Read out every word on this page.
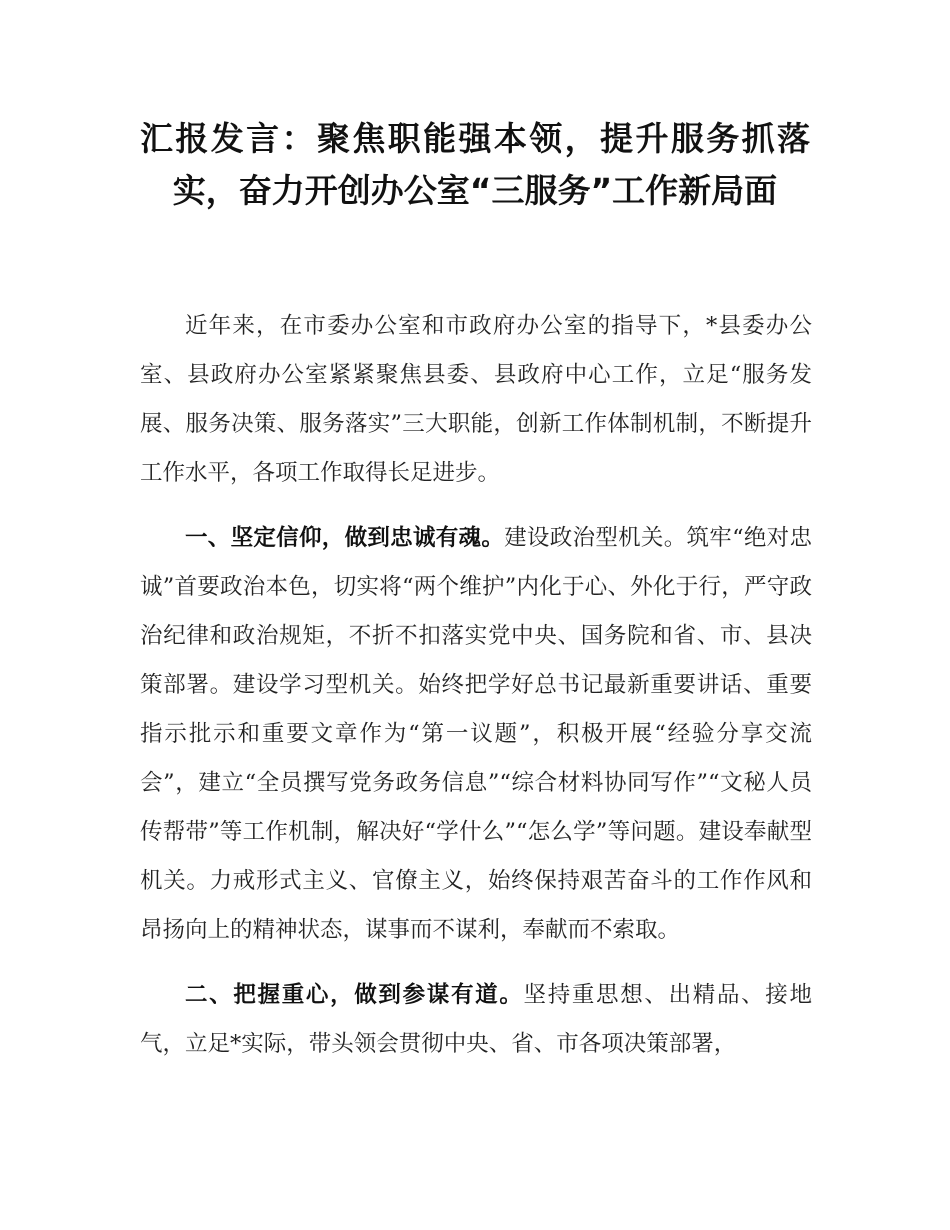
汇报发言：聚焦职能强本领，提升服务抓落
实，奋力开创办公室“三服务”工作新局面

近年来，在市委办公室和市政府办公室的指导下，*县委办公室、县政府办公室紧紧聚焦县委、县政府中心工作，立足“服务发展、服务决策、服务落实”三大职能，创新工作体制机制，不断提升工作水平，各项工作取得长足进步。

一、坚定信仰，做到忠诚有魂。建设政治型机关。筑牢“绝对忠诚”首要政治本色，切实将“两个维护”内化于心、外化于行，严守政治纪律和政治规矩，不折不扣落实党中央、国务院和省、市、县决策部署。建设学习型机关。始终把学好总书记最新重要讲话、重要指示批示和重要文章作为“第一议题”，积极开展“经验分享交流会”，建立“全员撰写党务政务信息”“综合材料协同写作”“文秘人员传帮带”等工作机制，解决好“学什么”“怎么学”等问题。建设奉献型机关。力戒形式主义、官僚主义，始终保持艰苦奋斗的工作作风和昂扬向上的精神状态，谋事而不谋利，奉献而不索取。

二、把握重心，做到参谋有道。坚持重思想、出精品、接地气，立足*实际，带头领会贯彻中央、省、市各项决策部署，
